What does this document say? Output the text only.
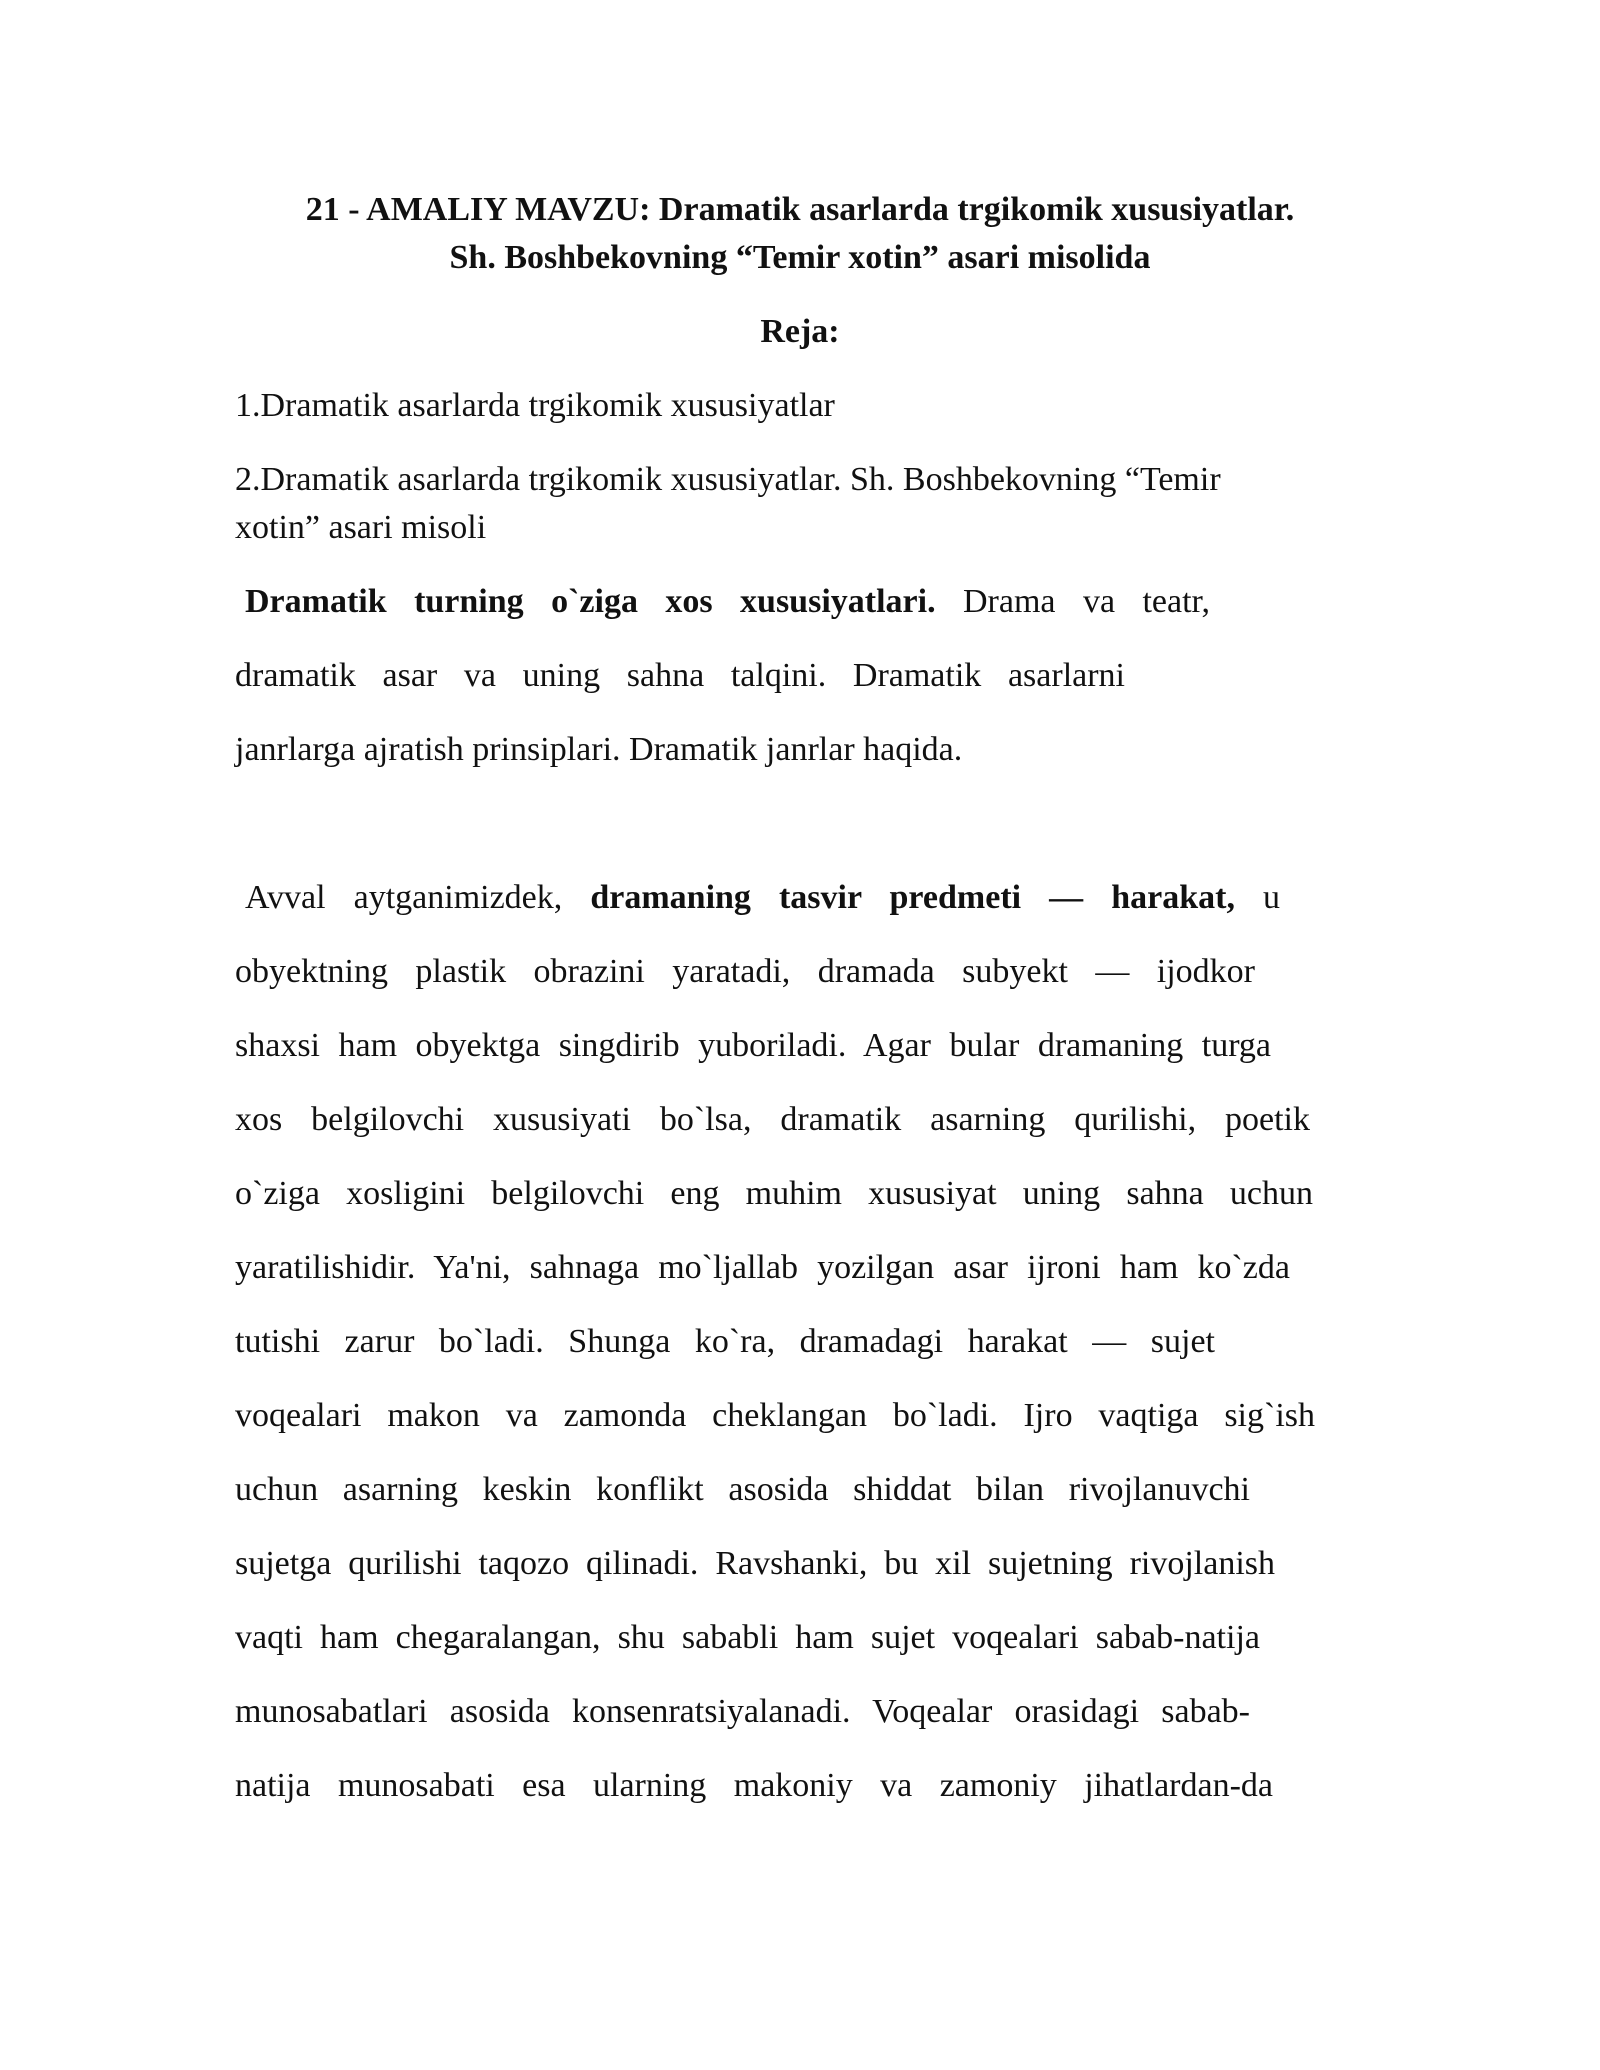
21 - AMALIY MAVZU: Dramatik asarlarda trgikomik xususiyatlar.

Sh. Boshbekovning “Temir xotin” asari misolida

Reja:

1.Dramatik asarlarda trgikomik xususiyatlar

2.Dramatik asarlarda trgikomik xususiyatlar. Sh. Boshbekovning “Temir

xotin” asari misoli

Dramatik turning o`ziga xos xususiyatlari. Drama va teatr,

dramatik asar va uning sahna talqini. Dramatik asarlarni

janrlarga ajratish prinsiplari. Dramatik janrlar haqida.

Avval aytganimizdek, dramaning tasvir predmeti — harakat, u

obyektning plastik obrazini yaratadi, dramada subyekt — ijodkor

shaxsi ham obyektga singdirib yuboriladi. Agar bular dramaning turga

xos belgilovchi xususiyati bo`lsa, dramatik asarning qurilishi, poetik

o`ziga xosligini belgilovchi eng muhim xususiyat uning sahna uchun

yaratilishidir. Ya'ni, sahnaga mo`ljallab yozilgan asar ijroni ham ko`zda

tutishi zarur bo`ladi. Shunga ko`ra, dramadagi harakat — sujet

voqealari makon va zamonda cheklangan bo`ladi. Ijro vaqtiga sig`ish

uchun asarning keskin konflikt asosida shiddat bilan rivojlanuvchi

sujetga qurilishi taqozo qilinadi. Ravshanki, bu xil sujetning rivojlanish

vaqti ham chegaralangan, shu sababli ham sujet voqealari sabab-natija

munosabatlari asosida konsenratsiyalanadi. Voqealar orasidagi sabab-

natija munosabati esa ularning makoniy va zamoniy jihatlardan-da
